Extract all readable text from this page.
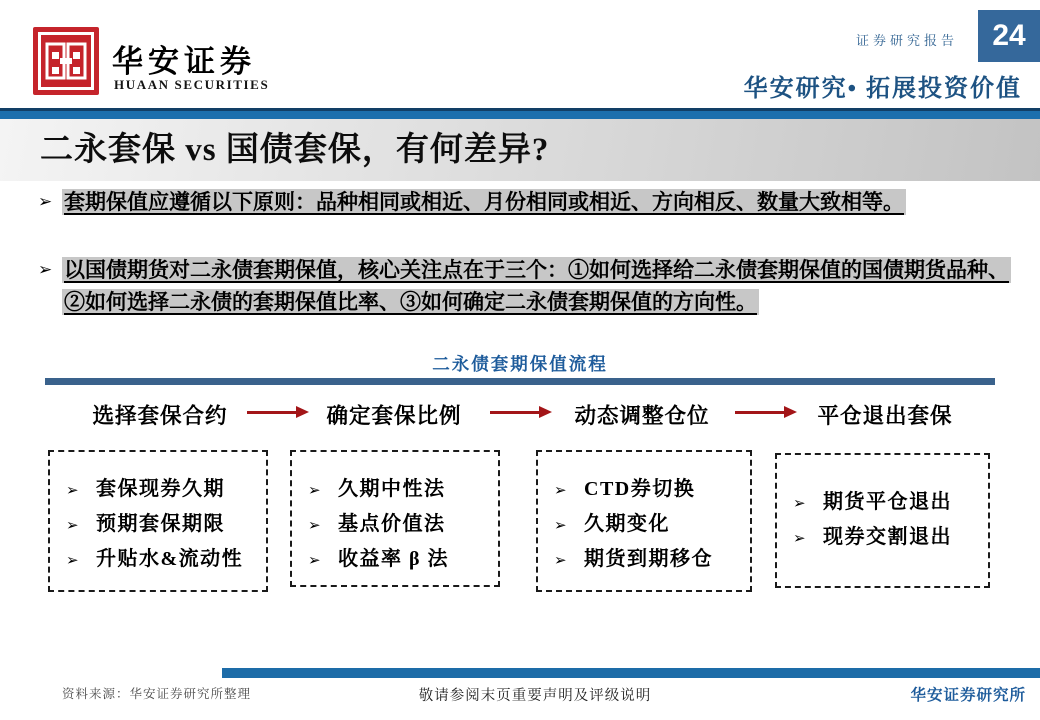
华安证券
HUAAN SECURITIES
证券研究报告	24
华安研究• 拓展投资价值
二永套保 vs 国债套保，有何差异?
➢ 套期保值应遵循以下原则：品种相同或相近、月份相同或相近、方向相反、数量大致相等。
➢ 以国债期货对二永债套期保值，核心关注点在于三个：①如何选择给二永债套期保值的国债期货品种、②如何选择二永债的套期保值比率、③如何确定二永债套期保值的方向性。
二永债套期保值流程
选择套保合约	确定套保比例	动态调整仓位	平仓退出套保
➢ 套保现券久期
➢ 预期套保期限
➢ 升贴水&流动性
➢ 久期中性法
➢ 基点价值法
➢ 收益率 β 法
➢ CTD券切换
➢ 久期变化
➢ 期货到期移仓
➢ 期货平仓退出
➢ 现券交割退出
资料来源：华安证券研究所整理	敬请参阅末页重要声明及评级说明	华安证券研究所
